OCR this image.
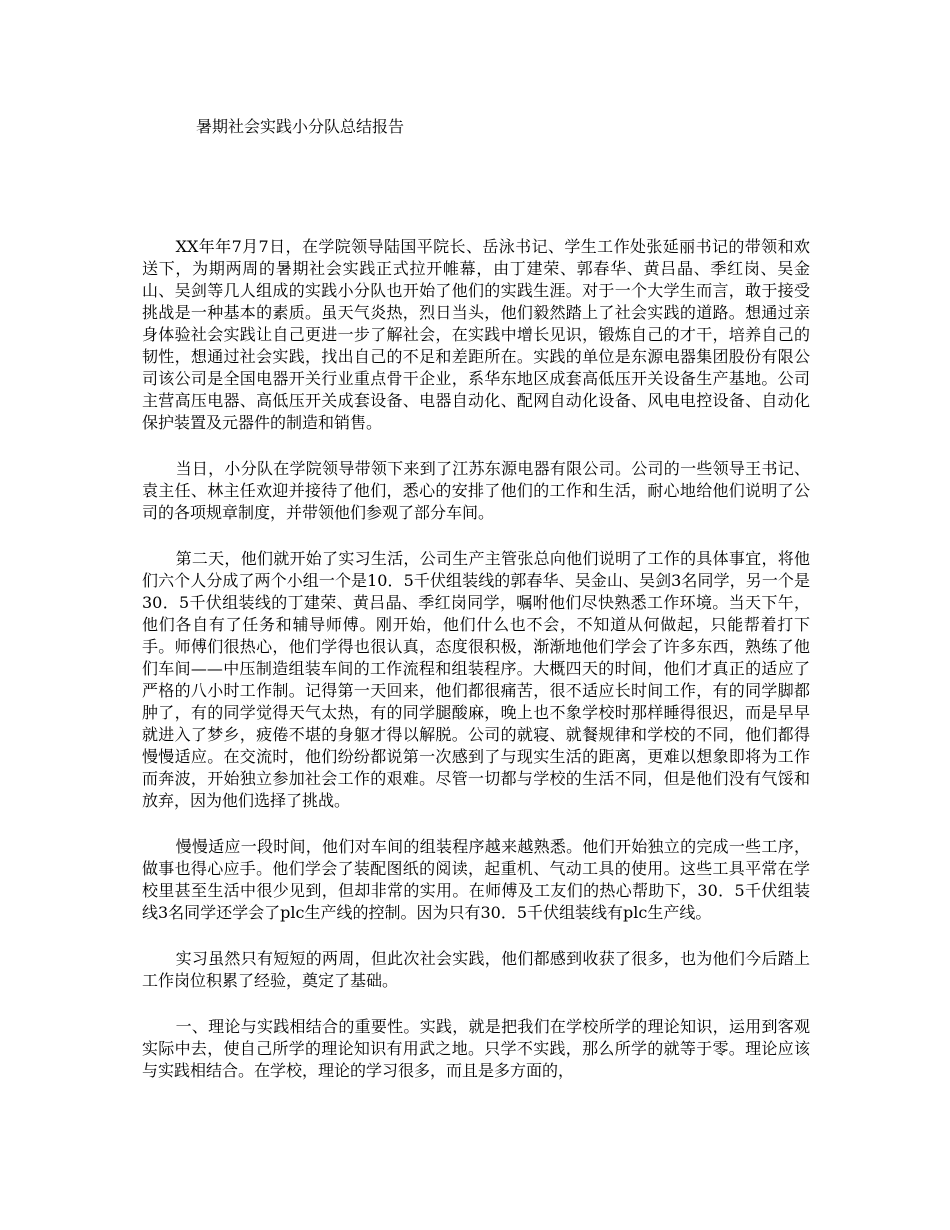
暑期社会实践小分队总结报告

XX年年7月7日，在学院领导陆国平院长、岳泳书记、学生工作处张延丽书记的带领和欢送下，为期两周的暑期社会实践正式拉开帷幕，由丁建荣、郭春华、黄吕晶、季红岗、吴金山、吴剑等几人组成的实践小分队也开始了他们的实践生涯。对于一个大学生而言，敢于接受挑战是一种基本的素质。虽天气炎热，烈日当头，他们毅然踏上了社会实践的道路。想通过亲身体验社会实践让自己更进一步了解社会，在实践中增长见识，锻炼自己的才干，培养自己的韧性，想通过社会实践，找出自己的不足和差距所在。实践的单位是东源电器集团股份有限公司该公司是全国电器开关行业重点骨干企业，系华东地区成套高低压开关设备生产基地。公司主营高压电器、高低压开关成套设备、电器自动化、配网自动化设备、风电电控设备、自动化保护装置及元器件的制造和销售。

当日，小分队在学院领导带领下来到了江苏东源电器有限公司。公司的一些领导王书记、袁主任、林主任欢迎并接待了他们，悉心的安排了他们的工作和生活，耐心地给他们说明了公司的各项规章制度，并带领他们参观了部分车间。

第二天，他们就开始了实习生活，公司生产主管张总向他们说明了工作的具体事宜，将他们六个人分成了两个小组一个是10．5千伏组装线的郭春华、吴金山、吴剑3名同学，另一个是30．5千伏组装线的丁建荣、黄吕晶、季红岗同学，嘱咐他们尽快熟悉工作环境。当天下午，他们各自有了任务和辅导师傅。刚开始，他们什么也不会，不知道从何做起，只能帮着打下手。师傅们很热心，他们学得也很认真，态度很积极，渐渐地他们学会了许多东西，熟练了他们车间——中压制造组装车间的工作流程和组装程序。大概四天的时间，他们才真正的适应了严格的八小时工作制。记得第一天回来，他们都很痛苦，很不适应长时间工作，有的同学脚都肿了，有的同学觉得天气太热，有的同学腿酸麻，晚上也不象学校时那样睡得很迟，而是早早就进入了梦乡，疲倦不堪的身躯才得以解脱。公司的就寝、就餐规律和学校的不同，他们都得慢慢适应。在交流时，他们纷纷都说第一次感到了与现实生活的距离，更难以想象即将为工作而奔波，开始独立参加社会工作的艰难。尽管一切都与学校的生活不同，但是他们没有气馁和放弃，因为他们选择了挑战。

慢慢适应一段时间，他们对车间的组装程序越来越熟悉。他们开始独立的完成一些工序，做事也得心应手。他们学会了装配图纸的阅读，起重机、气动工具的使用。这些工具平常在学校里甚至生活中很少见到，但却非常的实用。在师傅及工友们的热心帮助下，30．5千伏组装线3名同学还学会了plc生产线的控制。因为只有30．5千伏组装线有plc生产线。

实习虽然只有短短的两周，但此次社会实践，他们都感到收获了很多，也为他们今后踏上工作岗位积累了经验，奠定了基础。

一、理论与实践相结合的重要性。实践，就是把我们在学校所学的理论知识，运用到客观实际中去，使自己所学的理论知识有用武之地。只学不实践，那么所学的就等于零。理论应该与实践相结合。在学校，理论的学习很多，而且是多方面的，
